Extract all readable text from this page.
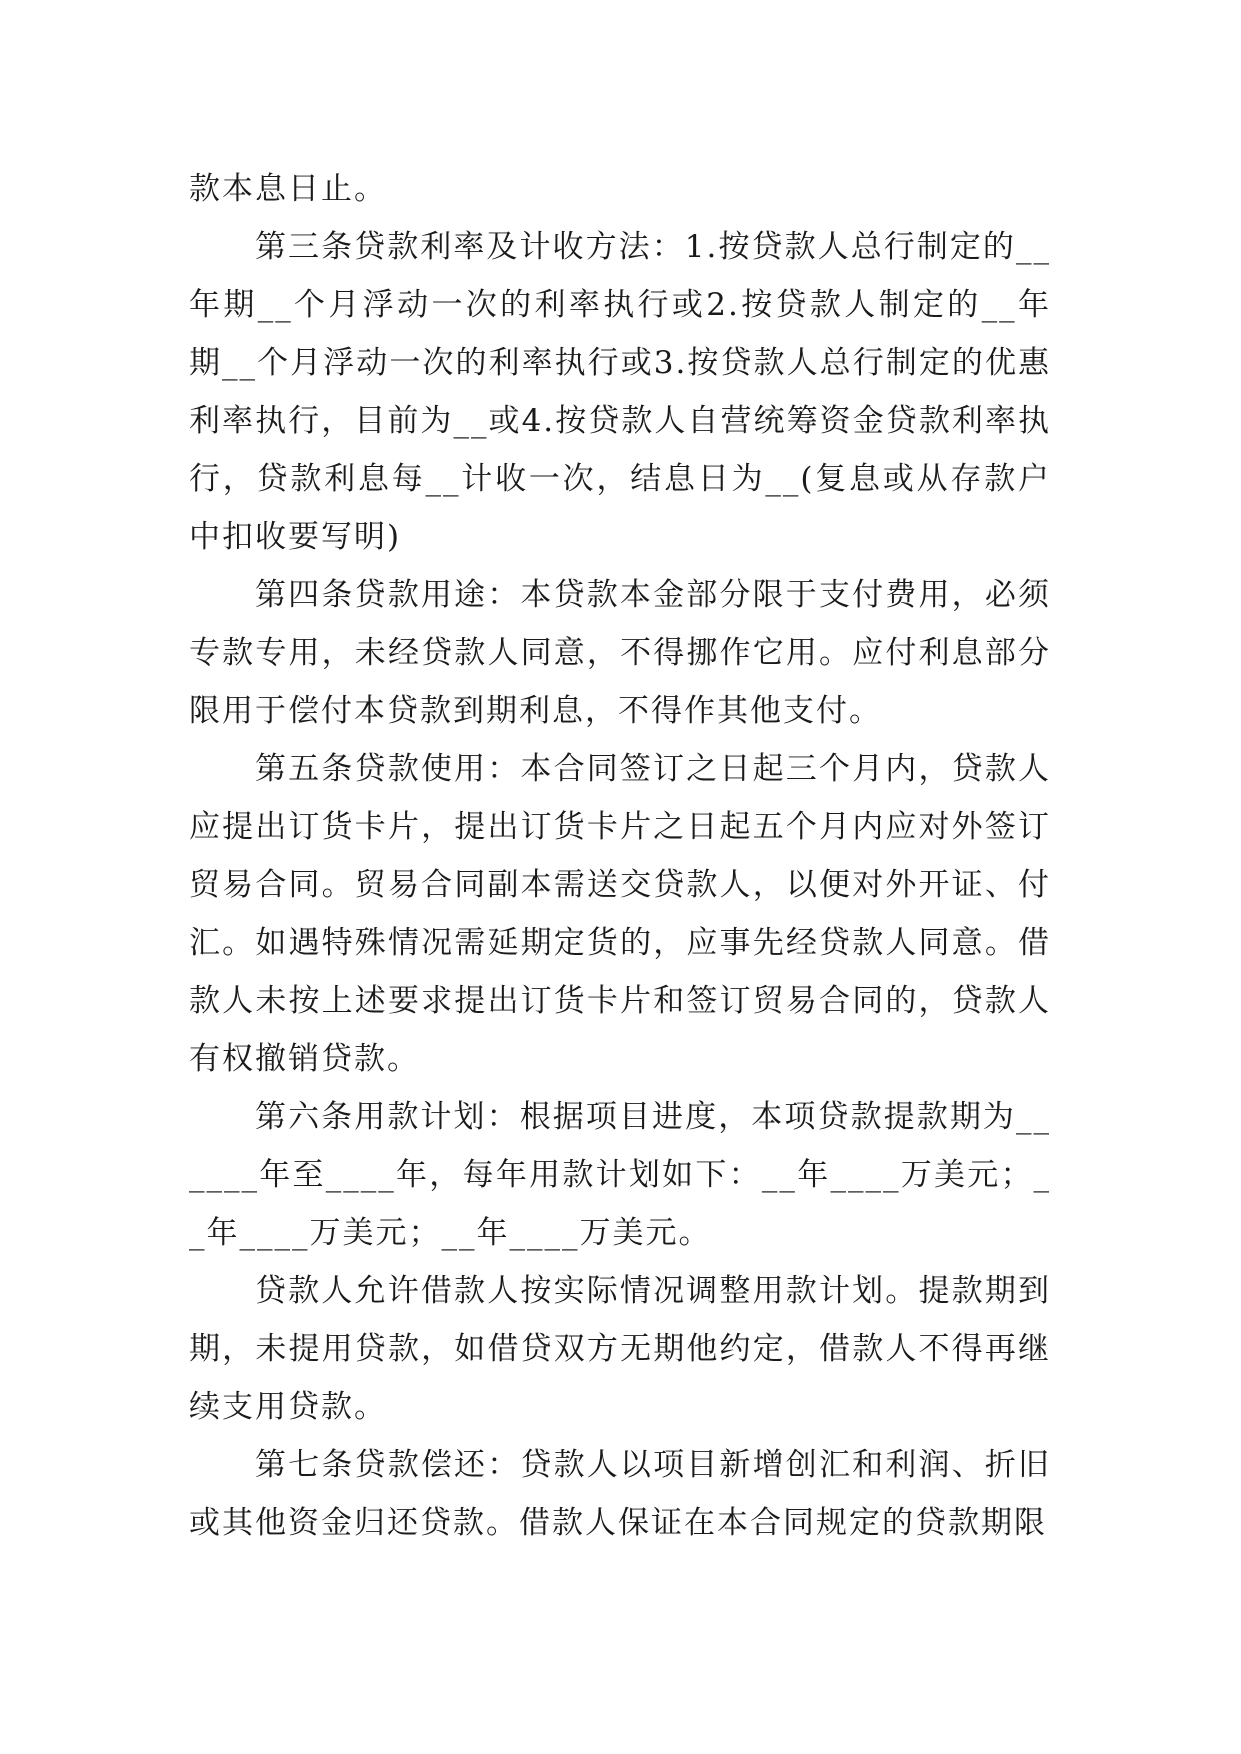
款本息日止。

第三条贷款利率及计收方法：1.按贷款人总行制定的__年期__个月浮动一次的利率执行或2.按贷款人制定的__年期__个月浮动一次的利率执行或3.按贷款人总行制定的优惠利率执行，目前为__或4.按贷款人自营统筹资金贷款利率执行，贷款利息每__计收一次，结息日为__(复息或从存款户中扣收要写明)

第四条贷款用途：本贷款本金部分限于支付费用，必须专款专用，未经贷款人同意，不得挪作它用。应付利息部分限用于偿付本贷款到期利息，不得作其他支付。

第五条贷款使用：本合同签订之日起三个月内，贷款人应提出订货卡片，提出订货卡片之日起五个月内应对外签订贸易合同。贸易合同副本需送交贷款人，以便对外开证、付汇。如遇特殊情况需延期定货的，应事先经贷款人同意。借款人未按上述要求提出订货卡片和签订贸易合同的，贷款人有权撤销贷款。

第六条用款计划：根据项目进度，本项贷款提款期为______年至____年，每年用款计划如下：__年____万美元；__年____万美元；__年____万美元。

贷款人允许借款人按实际情况调整用款计划。提款期到期，未提用贷款，如借贷双方无期他约定，借款人不得再继续支用贷款。

第七条贷款偿还：贷款人以项目新增创汇和利润、折旧或其他资金归还贷款。借款人保证在本合同规定的贷款期限
